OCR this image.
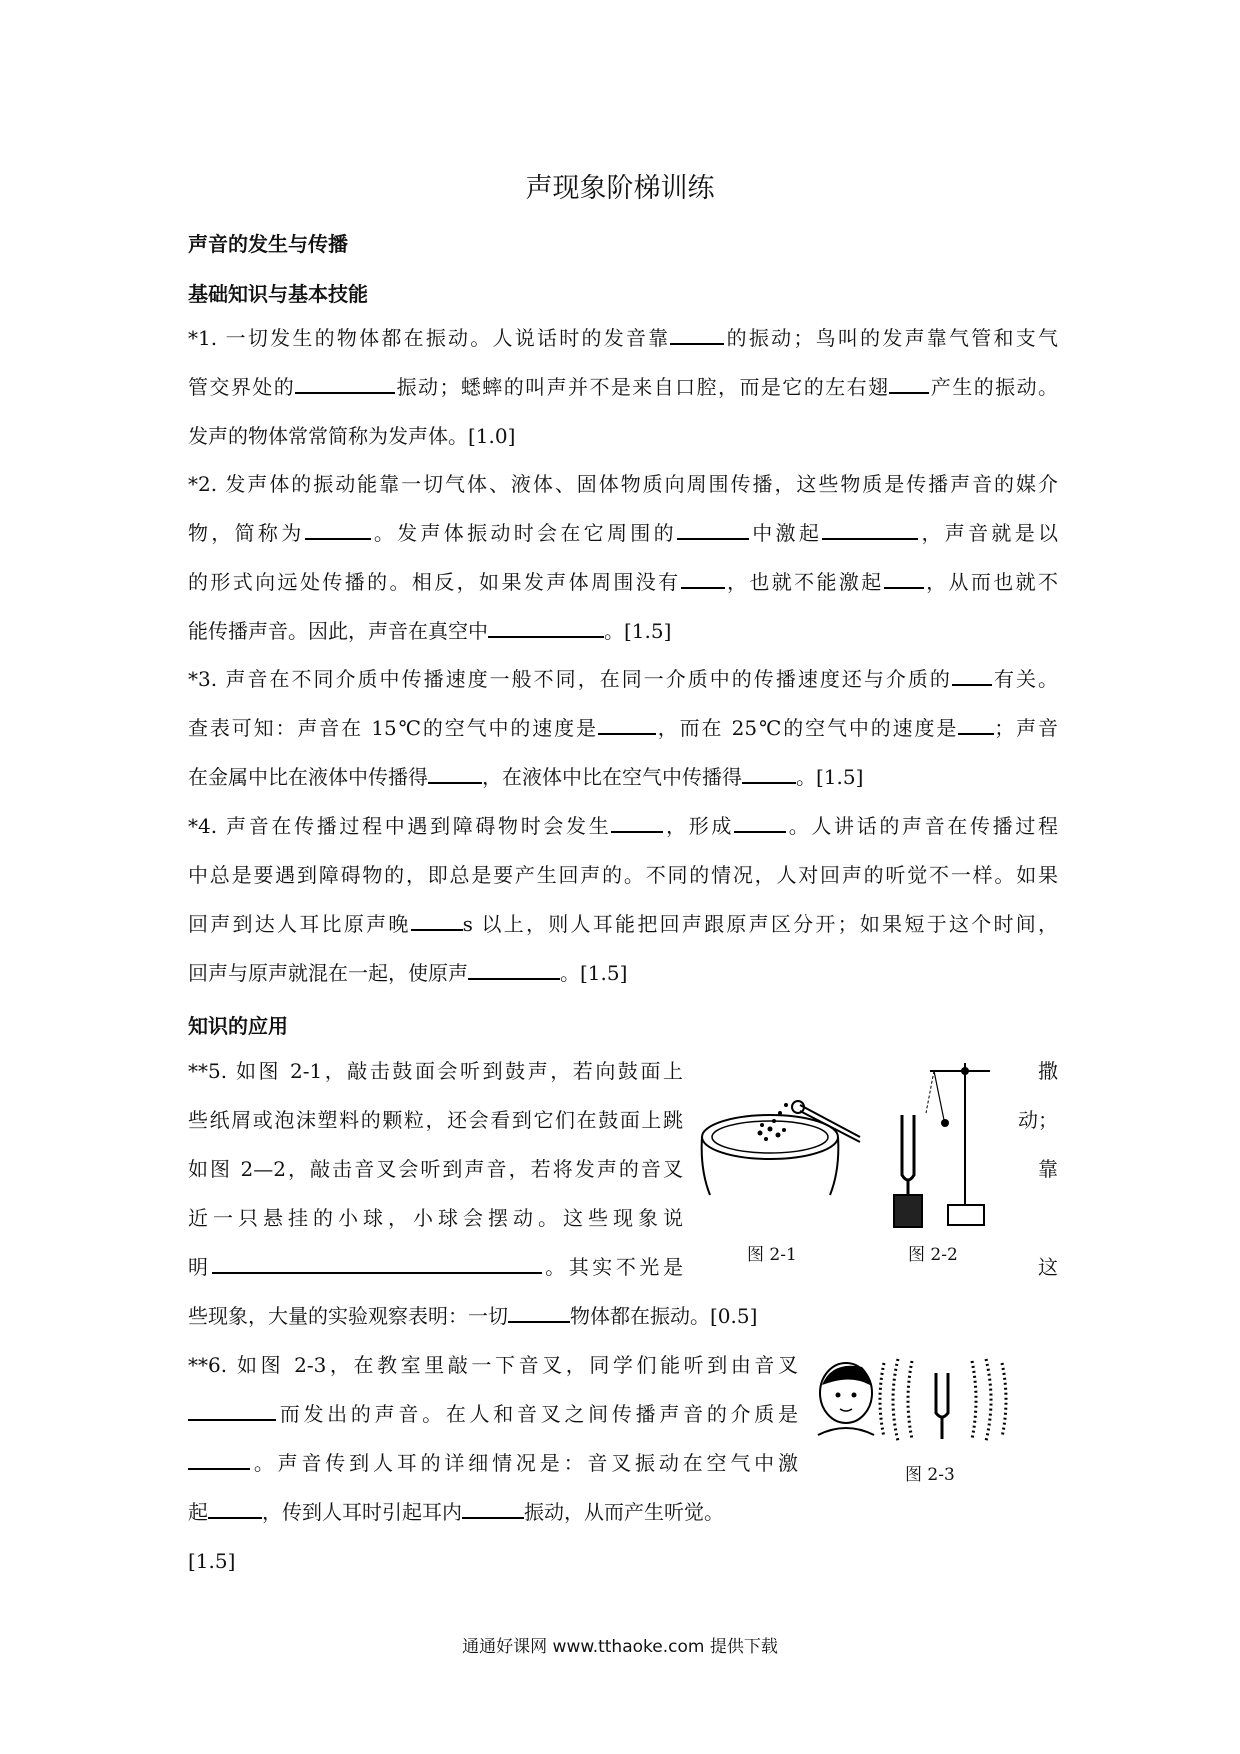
声现象阶梯训练
声音的发生与传播
基础知识与基本技能
*1. 一切发生的物体都在振动。人说话时的发音靠	的振动；鸟叫的发声靠气管和支气
管交界处的	振动；蟋蟀的叫声并不是来自口腔，而是它的左右翅 产生的振动。
发声的物体常常简称为发声体。[1.0]
*2. 发声体的振动能靠一切气体、液体、固体物质向周围传播，这些物质是传播声音的媒介
物，简称为	。发声体振动时会在它周围的	中激起	，声音就是以
的形式向远处传播的。相反，如果发声体周围没有 ，也就不能激起 ，从而也就不
能传播声音。因此，声音在真空中	。[1.5]
*3. 声音在不同介质中传播速度一般不同，在同一介质中的传播速度还与介质的 有关。
查表可知：声音在 15℃的空气中的速度是	，而在 25℃的空气中的速度是 ；声音
在金属中比在液体中传播得	，在液体中比在空气中传播得	。[1.5]
*4. 声音在传播过程中遇到障碍物时会发生	，形成	。人讲话的声音在传播过程
中总是要遇到障碍物的，即总是要产生回声的。不同的情况，人对回声的听觉不一样。如果
回声到达人耳比原声晚	s 以上，则人耳能把回声跟原声区分开；如果短于这个时间，
回声与原声就混在一起，使原声	。[1.5]
知识的应用
**5. 如图 2-1，敲击鼓面会听到鼓声，若向鼓面上	撒
些纸屑或泡沫塑料的颗粒，还会看到它们在鼓面上跳	动；
如图 2—2，敲击音叉会听到声音，若将发声的音叉	靠
近一只悬挂的小球，小球会摆动。这些现象说
明	。其实不光是	这
些现象，大量的实验观察表明：一切	物体都在振动。[0.5]
图 2-1	图 2-2
**6. 如图 2-3，在教室里敲一下音叉，同学们能听到由音叉
而发出的声音。在人和音叉之间传播声音的介质是
。声音传到人耳的详细情况是：音叉振动在空气中激
起	，传到人耳时引起耳内	振动，从而产生听觉。
[1.5]
图 2-3
通通好课网 www.tthaoke.com 提供下载
